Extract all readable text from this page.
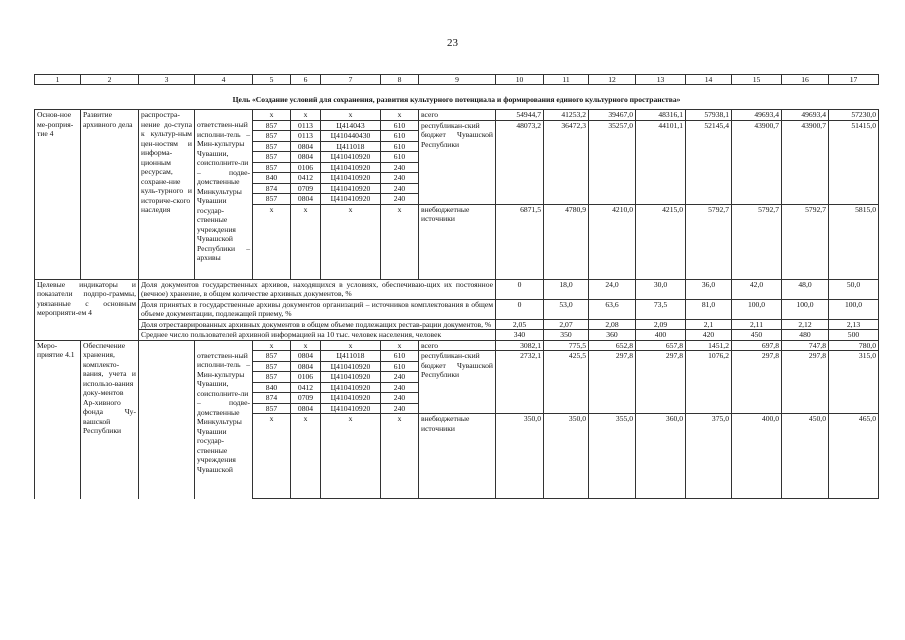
23
1	2	3	4	5	6	7	8	9	10	11	12	13	14	15	16	17
Цель «Создание условий для сохранения, развития культурного потенциала и формирования единого культурного пространства»																
Основ-ное ме-роприя-тие 4	Развитие архивного дела	распростра-нение до-ступа к культур-ным цен-ностям и информа-ционным ресурсам, сохране-ние куль-турного и историче-ского наследия		x	x	x	x	всего	54944,7	41253,2	39467,0	48316,1	57938,1	49693,4	49693,4	57230,0
			ответствен-ный исполни-тель – Мин-культуры Чувашии, соисполните-ли – подве-домственные Минкультуры Чувашии государ-ственные учреждения Чувашской Республики – архивы	857	0113	Ц414043	610	республикан-ский бюджет Чувашской Республики	48073,2	36472,3	35257,0	44101,1	52145,4	43900,7	43900,7	51415,0
				857	0113	Ц410440430	610									
				857	0804	Ц411018	610									
				857	0804	Ц410410920	610									
				857	0106	Ц410410920	240									
				840	0412	Ц410410920	240									
				874	0709	Ц410410920	240									
				857	0804	Ц410410920	240									
				x	x	x	x	внебюджетные источники	6871,5	4780,9	4210,0	4215,0	5792,7	5792,7	5792,7	5815,0
Целевые индикаторы и показатели подпро-граммы, увязанные с основным мероприяти-ем 4		Доля документов государственных архивов, находящихся в условиях, обеспечиваю-щих их постоянное (вечное) хранение, в общем количестве архивных документов, %							0	18,0	24,0	30,0	36,0	42,0	48,0	50,0
		Доля принятых в государственные архивы документов организаций – источников комплектования в общем объеме документации, подлежащей приему, %							0	53,0	63,6	73,5	81,0	100,0	100,0	100,0
		Доля отреставрированных архивных документов в общем объеме подлежащих рестав-рации документов, %							2,05	2,07	2,08	2,09	2,1	2,11	2,12	2,13
		Среднее число пользователей архивной информацией на 10 тыс. человек населения, человек							340	350	360	400	420	450	480	500
Меро-приятие 4.1	Обеспечение хранения, комплекто-вания, учета и использо-вания доку-ментов Ар-хивного фонда Чу-вашской Республики			x	x	x	x	всего	3082,1	775,5	652,8	657,8	1451,2	697,8	747,8	780,0
			ответствен-ный исполни-тель – Мин-культуры Чувашии, соисполните-ли – подве-домственные Минкультуры Чувашии государ-ственные учреждения Чувашской	857	0804	Ц411018	610	республикан-ский бюджет Чувашской Республики	2732,1	425,5	297,8	297,8	1076,2	297,8	297,8	315,0
				857	0804	Ц410410920	610									
				857	0106	Ц410410920	240									
				840	0412	Ц410410920	240									
				874	0709	Ц410410920	240									
				857	0804	Ц410410920	240									
				x	x	x	x	внебюджетные источники	350,0	350,0	355,0	360,0	375,0	400,0	450,0	465,0
